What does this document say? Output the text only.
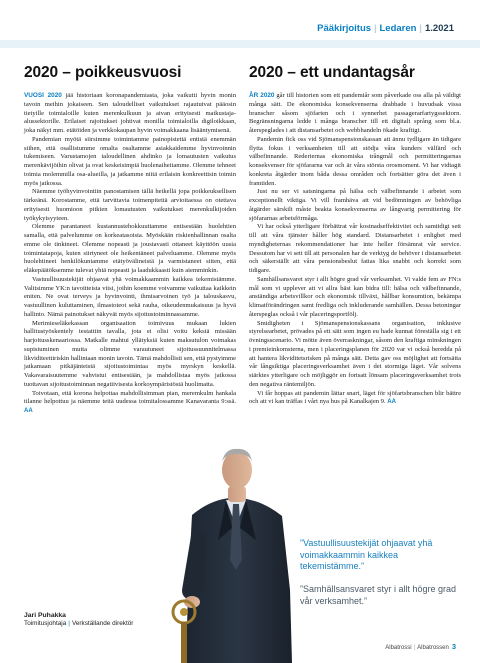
Pääkirjoitus | Ledaren | 1.2021
2020 – poikkeusvuosi

VUOSI 2020 jää historiaan koronapandemiasta, joka vaikutti hyvin monin tavoin meihin jokaiseen. Sen taloudelliset vaikutukset rajautuivat pääosin tietyille toimialoille kuten merenkulkuun ja aivan erityisesti matkustaja-alussektorille. Erilaiset rajoitukset johtivat monilla toimialoilla digiloikkaan, joka näkyi mm. etätöiden ja verkkokaupan hyvin voimakkaana lisääntymisenä.

Pandemian myötä siirsimme toimintamme painopistettä entistä enemmän siihen, että osallistumme omalta osaltamme asiakkaidemme hyvinvoinnin tukemiseen. Varustamojen taloudellinen ahdinko ja lomautusten vaikutus merenkävijöihin olivat ja ovat keskeisimpiä huolenaiheitamme. Olemme tehneet toimia molemmilla osa-alueilla, ja jatkamme niitä erilaisin konkreettisin toimin myös jatkossa.

Näemme työhyvinvointiin panostamisen tällä hetkellä jopa poikkeuksellisen tärkeänä. Korostamme, että tarvittavia toimenpiteitä arvioitaessa on otettava erityisesti huomioon pitkien lomautusten vaikutukset merenkulkijoiden työkykyisyyteen.

Olemme parantaneet kustannustehokkuuttamme entisestään huolehtien samalla, että palvelumme on korkeatasoista. Myöskään riskienhallinnan osalta emme ole tinkineet. Olemme nopeasti ja joustavasti ottaneet käyttöön uusia toimintatapoja, kuten siirtyneet ole heikentäneet palveluamme. Olemme myös huolehtineet henkilökuntamme etätyövälineistä ja varmistaneet sitten, että eläkepäätöksemme tulevat yhtä nopeasti ja laadukkaasti kuin aiemminkin.

Vastuullisuustekijät ohjaavat yhä voimakkaammin kaikkea tekemistämme. Valitsimme YK:n tavoitteista viisi, joihin koemme voivamme vaikuttaa kaikkein eniten. Ne ovat terveys ja hyvinvointi, ihmisarvoinen työ ja talouskasvu, vastuullinen kuluttaminen, ilmastoteot sekä rauha, oikeudenmukaisuus ja hyvä hallinto. Nämä painotukset näkyvät myös sijoitustoiminnassamme.

Merimieseläkekassan organisaation toimivuus mukaan lukien hallitustyöskentely testattiin tavalla, jota ei olisi voitu keksiä missään harjoitusskenaariossa. Matkalle mahtui yllätyksiä kuten maksutulon voimakas supistuminen mutta olimme varautuneet sijoitussuunnitelmassa likviditeettiriskin hallintaan monin tavoin. Tämä mahdollisti sen, että pystyimme jatkamaan pitkäjänteistä sijoitustoimintaa myös myrskyn keskellä. Vakavaraisuutemme vahvistui entisestään, ja mahdollistaa myös jatkossa tuottavan sijoitustoiminnan negatiivisesta korkoympäristöstä huolimatta.

Toivotaan, että korona helpottaa mahdollisimman pian, meremkulm hankala tilanne helpottuu ja näemme teitä uudessa toimitalossamme Kanavaranta 9:ssä. AA

2020 – ett undantagsår

ÅR 2020 går till historien som ett pandemiår som påverkade oss alla på väldigt många sätt. De ekonomiska konsekvenserna drabbade i huvudsak vissa branscher såsom sjöfarten och i synnerhet passagerarfartygssektorn. Begränsningarna ledde i många branscher till ett digitalt språng som bl.a. återspeglades i att distansarbetet och webbhandeln ökade kraftigt.

Pandemin fick oss vid Sjömanspensionskassan att ännu tydligare än tidigare flytta fokus i verksamheten till att stödja våra kunders välfärd och välbefinnande. Rederiernas ekonomiska trångmål och permitteringarnas konsekvenser för sjöfararna var och är våra största orosmoment. Vi har vidtagit konkreta åtgärder inom båda dessa områden och fortsätter göra det även i framtiden.

Just nu ser vi satsningarna på hälsa och välbefinnande i arbetet som exceptionellt viktiga. Vi vill framhäva att vid bedömningen av behövliga åtgärder särskilt måste beakta konsekvenserna av långvarig permittering för sjöfararnas arbetsförmåga.

Vi har också ytterligare förbättrat vår kostnadseffektivitet och samtidigt sett till att våra tjänster håller hög standard. Distansarbetet i enlighet med myndigheternas rekommendationer har inte heller försämrat vår service. Dessutom har vi sett till att personalen har de verktyg de behöver i distansarbetet och säkerställt att våra pensionsbeslut fattas lika snabbt och korrekt som tidigare.

Samhällsansvaret styr i allt högre grad vår verksamhet. Vi valde fem av FN:s mål som vi upplever att vi allra bäst kan bidra till: hälsa och välbefinnande, anständiga arbetsvillkor och ekonomisk tillväxt, hållbar konsumtion, bekämpa klimatförändringen samt fredliga och inkluderande samhällen. Dessa betoningar återspeglas också i vår placeringsportfölj.

Smidigheten i Sjömanspensionskassans organisation, inklusive styrelsearbetet, prövades på ett sätt som ingen eu hade kunnat föreställa sig i ett övningsscenario. Vi mötte även överraskningar, såsom den kraftiga minskningen i premieinkomsterna, men i placeringsplanen för 2020 var vi också beredda på att hantera likviditetsrisken på många sätt. Detta gav oss möjlighet att fortsätta vår långsiktiga placeringsverksamhet även i det stormiga läget. Vår solvens stärktes ytterligare och möjliggör en fortsatt lönsam placeringsverksamhet trots den negativa räntemiljön.

Vi får hoppas att pandemin lättar snart, läget för sjöfartsbranschen blir bättre och att vi kan träffas i vårt nya hus på Kanalkajen 9. AA

”Vastuullisuustekijät ohjaavat yhä voimakkaammin kaikkea tekemistämme.”
”Samhällsansvaret styr i allt högre grad vår verksamhet.”
Jari Puhakka
Toimitusjohtaja | Verkställande direktör
Albatrossi | Albatrossen 3
